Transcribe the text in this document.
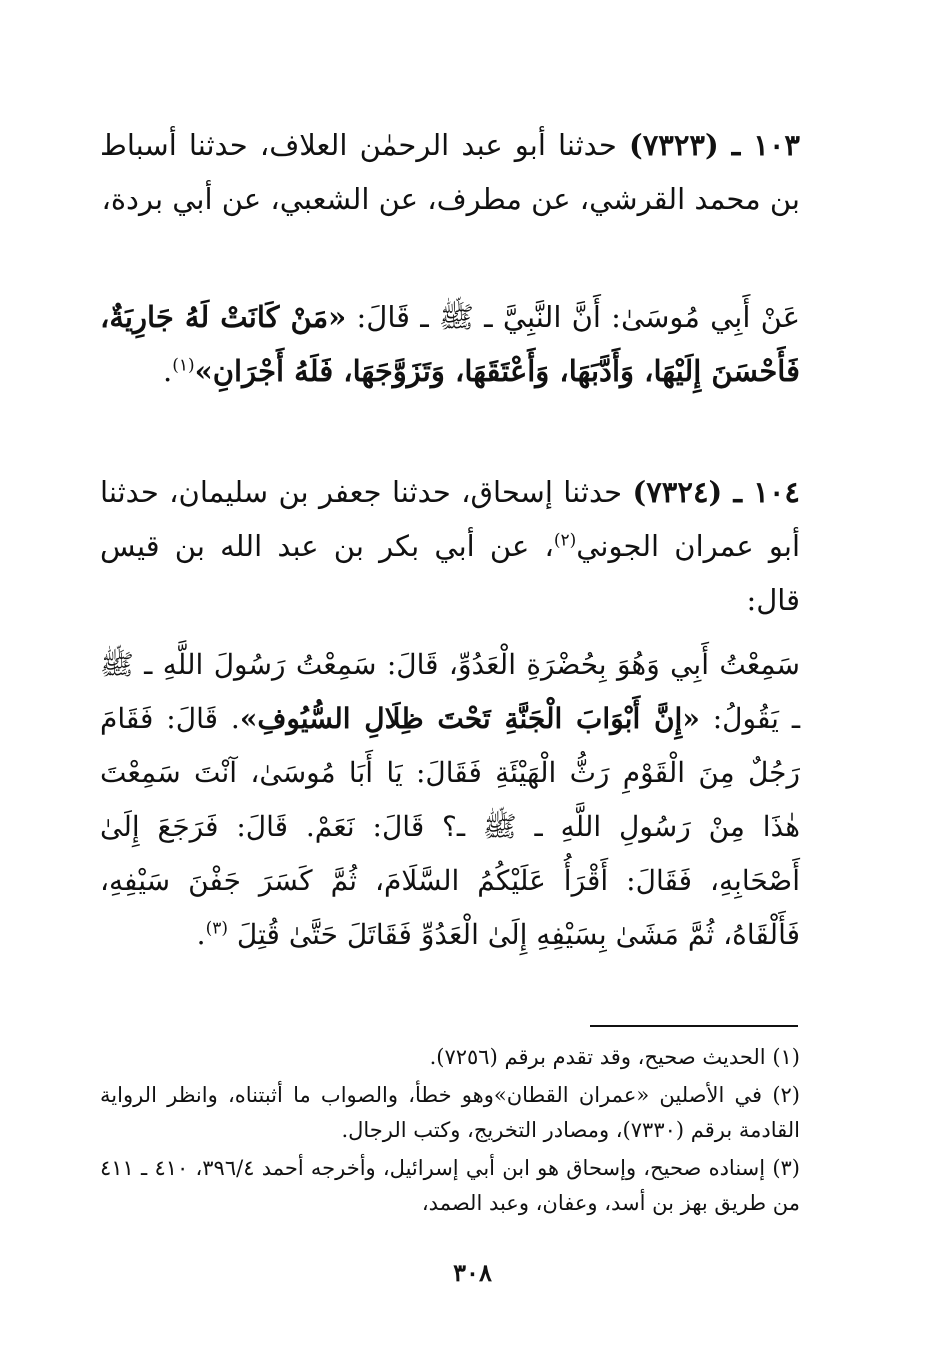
١٠٣ ـ (٧٣٢٣) حدثنا أبو عبد الرحمٰن العلاف، حدثنا أسباط بن محمد القرشي، عن مطرف، عن الشعبي، عن أبي بردة،
عَنْ أَبِي مُوسَىٰ: أَنَّ النَّبِيَّ ـ ﷺ ـ قَالَ: «مَنْ كَانَتْ لَهُ جَارِيَةٌ، فَأَحْسَنَ إِلَيْهَا، وَأَدَّبَهَا، وَأَعْتَقَهَا، وَتَزَوَّجَهَا، فَلَهُ أَجْرَانِ»$^{(١)}$.
١٠٤ ـ (٧٣٢٤) حدثنا إسحاق، حدثنا جعفر بن سليمان، حدثنا أبو عمران الجوني$^{(٢)}$، عن أبي بكر بن عبد الله بن قيس قال:
سَمِعْتُ أَبِي وَهُوَ بِحُضْرَةِ الْعَدُوِّ، قَالَ: سَمِعْتُ رَسُولَ اللَّهِ ـ ﷺ ـ يَقُولُ: «إِنَّ أَبْوَابَ الْجَنَّةِ تَحْتَ ظِلَالِ السُّيُوفِ». قَالَ: فَقَامَ رَجُلٌ مِنَ الْقَوْمِ رَثُّ الْهَيْئَةِ فَقَالَ: يَا أَبَا مُوسَىٰ، آنْتَ سَمِعْتَ هٰذَا مِنْ رَسُولِ اللَّهِ ـ ﷺ ـ؟ قَالَ: نَعَمْ. قَالَ: فَرَجَعَ إِلَىٰ أَصْحَابِهِ، فَقَالَ: أَقْرَأُ عَلَيْكُمُ السَّلَامَ، ثُمَّ كَسَرَ جَفْنَ سَيْفِهِ، فَأَلْقَاهُ، ثُمَّ مَشَىٰ بِسَيْفِهِ إِلَىٰ الْعَدُوِّ فَقَاتَلَ حَتَّىٰ قُتِلَ $^{(٣)}$.

(١) الحديث صحيح، وقد تقدم برقم (٧٢٥٦).

(٢) في الأصلين «عمران القطان»وهو خطأ، والصواب ما أثبتناه، وانظر الرواية القادمة برقم (٧٣٣٠)، ومصادر التخريج، وكتب الرجال.

(٣) إسناده صحيح، وإسحاق هو ابن أبي إسرائيل، وأخرجه أحمد ٣٩٦/٤، ٤١٠ ـ ٤١١ من طريق بهز بن أسد، وعفان، وعبد الصمد،

٣٠٨
